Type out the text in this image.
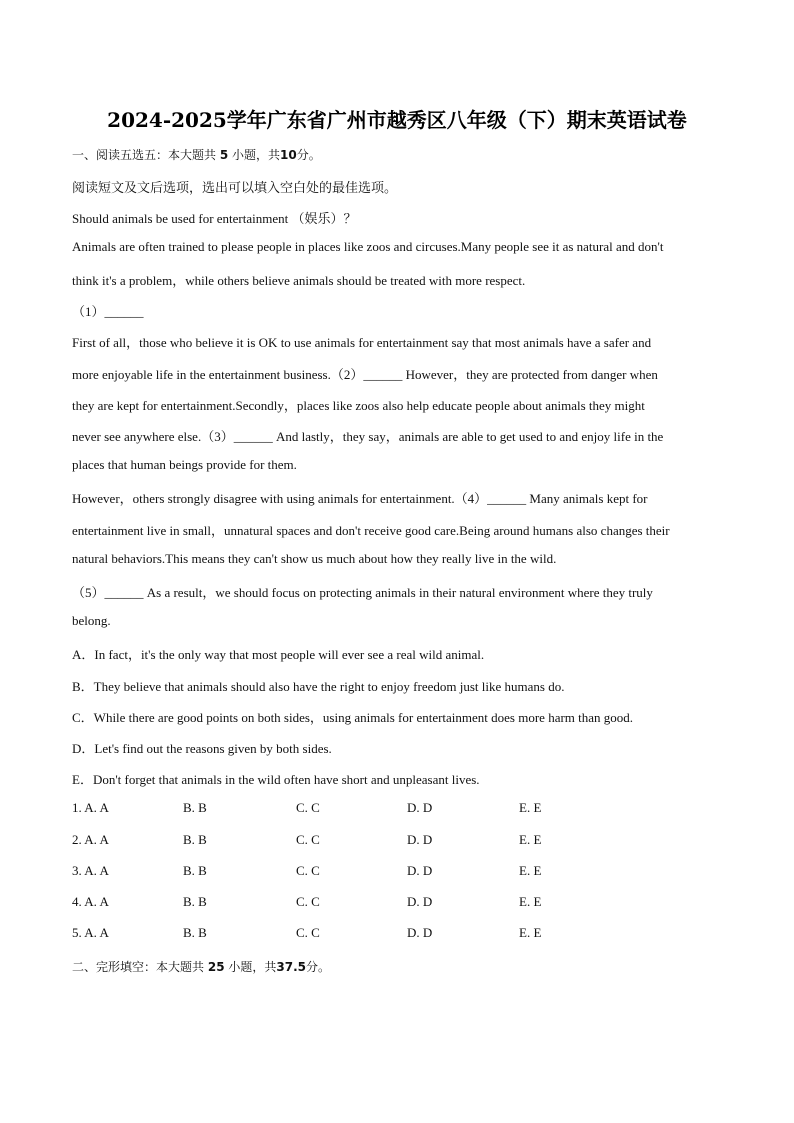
2024-2025学年广东省广州市越秀区八年级（下）期末英语试卷
一、阅读五选五：本大题共 5 小题，共10分。
阅读短文及文后选项，选出可以填入空白处的最佳选项。
Should animals be used for entertainment （娱乐）？
Animals are often trained to please people in places like zoos and circuses.Many people see it as natural and don't
think it's a problem，while others believe animals should be treated with more respect.
（1）______
First of all，those who believe it is OK to use animals for entertainment say that most animals have a safer and
more enjoyable life in the entertainment business.（2）______ However，they are protected from danger when
they are kept for entertainment.Secondly，places like zoos also help educate people about animals they might
never see anywhere else.（3）______ And lastly，they say，animals are able to get used to and enjoy life in the
places that human beings provide for them.
However，others strongly disagree with using animals for entertainment.（4）______ Many animals kept for
entertainment live in small，unnatural spaces and don't receive good care.Being around humans also changes their
natural behaviors.This means they can't show us much about how they really live in the wild.
（5）______ As a result，we should focus on protecting animals in their natural environment where they truly
belong.
A．In fact，it's the only way that most people will ever see a real wild animal.
B．They believe that animals should also have the right to enjoy freedom just like humans do.
C．While there are good points on both sides，using animals for entertainment does more harm than good.
D．Let's find out the reasons given by both sides.
E．Don't forget that animals in the wild often have short and unpleasant lives.
1. A. A	B. B	C. C	D. D	E. E
2. A. A	B. B	C. C	D. D	E. E
3. A. A	B. B	C. C	D. D	E. E
4. A. A	B. B	C. C	D. D	E. E
5. A. A	B. B	C. C	D. D	E. E
二、完形填空：本大题共 25 小题，共37.5分。
